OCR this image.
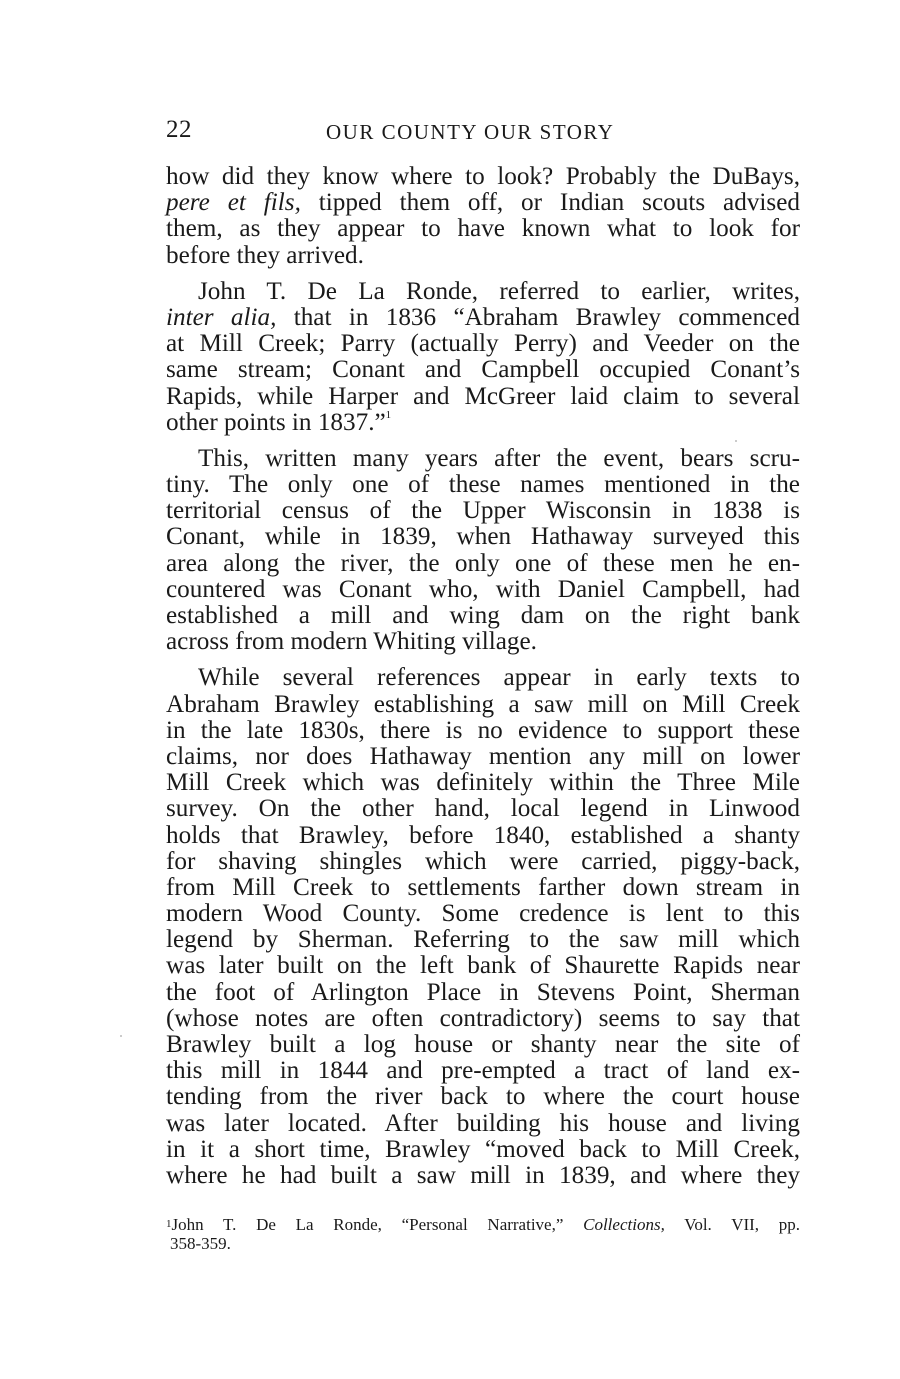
22	OUR COUNTY OUR STORY
how did they know where to look? Probably the DuBays,
pere et fils, tipped them off, or Indian scouts advised
them, as they appear to have known what to look for
before they arrived.
John T. De La Ronde, referred to earlier, writes,
inter alia, that in 1836 “Abraham Brawley commenced
at Mill Creek; Parry (actually Perry) and Veeder on the
same stream; Conant and Campbell occupied Conant’s
Rapids, while Harper and McGreer laid claim to several
other points in 1837.”$^1$
This, written many years after the event, bears scru-
tiny. The only one of these names mentioned in the
territorial census of the Upper Wisconsin in 1838 is
Conant, while in 1839, when Hathaway surveyed this
area along the river, the only one of these men he en-
countered was Conant who, with Daniel Campbell, had
established a mill and wing dam on the right bank
across from modern Whiting village.
While several references appear in early texts to
Abraham Brawley establishing a saw mill on Mill Creek
in the late 1830s, there is no evidence to support these
claims, nor does Hathaway mention any mill on lower
Mill Creek which was definitely within the Three Mile
survey. On the other hand, local legend in Linwood
holds that Brawley, before 1840, established a shanty
for shaving shingles which were carried, piggy-back,
from Mill Creek to settlements farther down stream in
modern Wood County. Some credence is lent to this
legend by Sherman. Referring to the saw mill which
was later built on the left bank of Shaurette Rapids near
the foot of Arlington Place in Stevens Point, Sherman
(whose notes are often contradictory) seems to say that
Brawley built a log house or shanty near the site of
this mill in 1844 and pre-empted a tract of land ex-
tending from the river back to where the court house
was later located. After building his house and living
in it a short time, Brawley “moved back to Mill Creek,
where he had built a saw mill in 1839, and where they
$^1$John T. De La Ronde, “Personal Narrative,” Collections, Vol. VII, pp.
358-359.
